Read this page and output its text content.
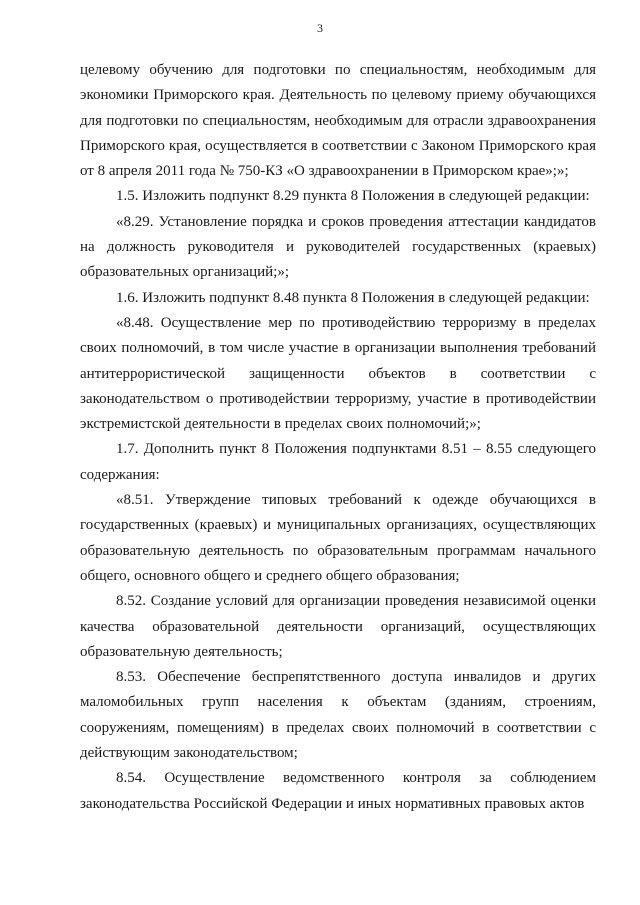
3

целевому обучению для подготовки по специальностям, необходимым для экономики Приморского края. Деятельность по целевому приему обучающихся для подготовки по специальностям, необходимым для отрасли здравоохранения Приморского края, осуществляется в соответствии с Законом Приморского края от 8 апреля 2011 года № 750-КЗ «О здравоохранении в Приморском крае»;»;

1.5. Изложить подпункт 8.29 пункта 8 Положения в следующей редакции:

«8.29. Установление порядка и сроков проведения аттестации кандидатов на должность руководителя и руководителей государственных (краевых) образовательных организаций;»;

1.6. Изложить подпункт 8.48 пункта 8 Положения в следующей редакции:

«8.48. Осуществление мер по противодействию терроризму в пределах своих полномочий, в том числе участие в организации выполнения требований антитеррористической защищенности объектов в соответствии с законодательством о противодействии терроризму, участие в противодействии экстремистской деятельности в пределах своих полномочий;»;

1.7. Дополнить пункт 8 Положения подпунктами 8.51 – 8.55 следующего содержания:

«8.51. Утверждение типовых требований к одежде обучающихся в государственных (краевых) и муниципальных организациях, осуществляющих образовательную деятельность по образовательным программам начального общего, основного общего и среднего общего образования;

8.52. Создание условий для организации проведения независимой оценки качества образовательной деятельности организаций, осуществляющих образовательную деятельность;

8.53. Обеспечение беспрепятственного доступа инвалидов и других маломобильных групп населения к объектам (зданиям, строениям, сооружениям, помещениям) в пределах своих полномочий в соответствии с действующим законодательством;

8.54. Осуществление ведомственного контроля за соблюдением законодательства Российской Федерации и иных нормативных правовых актов
